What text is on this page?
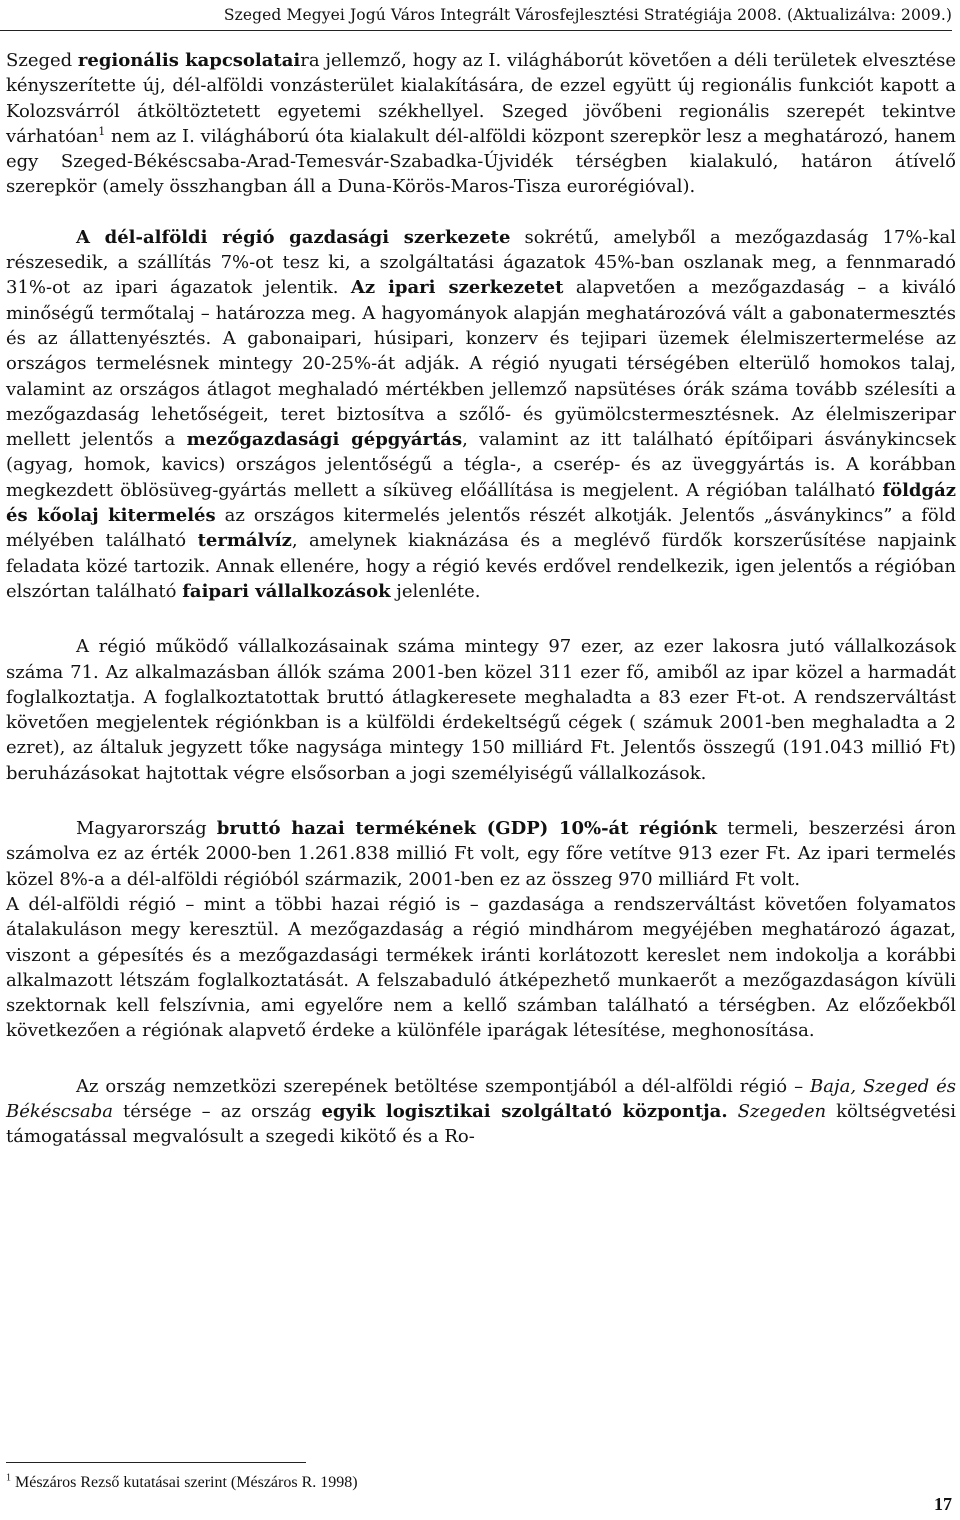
Szeged Megyei Jogú Város Integrált Városfejlesztési Stratégiája 2008. (Aktualizálva: 2009.)

Szeged regionális kapcsolataira jellemző, hogy az I. világháborút követően a déli területek elvesztése kényszerítette új, dél-alföldi vonzásterület kialakítására, de ezzel együtt új regionális funkciót kapott a Kolozsvárról átköltöztetett egyetemi székhellyel. Szeged jövőbeni regionális szerepét tekintve várhatóan$^1$ nem az I. világháború óta kialakult dél-alföldi központ szerepkör lesz a meghatározó, hanem egy Szeged-Békéscsaba-Arad-Temesvár-Szabadka-Újvidék térségben kialakuló, határon átívelő szerepkör (amely összhangban áll a Duna-Körös-Maros-Tisza eurorégióval).

A dél-alföldi régió gazdasági szerkezete sokrétű, amelyből a mezőgazdaság 17%-kal részesedik, a szállítás 7%-ot tesz ki, a szolgáltatási ágazatok 45%-ban oszlanak meg, a fennmaradó 31%-ot az ipari ágazatok jelentik. Az ipari szerkezetet alapvetően a mezőgazdaság – a kiváló minőségű termőtalaj – határozza meg. A hagyományok alapján meghatározóvá vált a gabonatermesztés és az állattenyésztés. A gabonaipari, húsipari, konzerv és tejipari üzemek élelmiszertermelése az országos termelésnek mintegy 20-25%-át adják. A régió nyugati térségében elterülő homokos talaj, valamint az országos átlagot meghaladó mértékben jellemző napsütéses órák száma tovább szélesíti a mezőgazdaság lehetőségeit, teret biztosítva a szőlő- és gyümölcstermesztésnek. Az élelmiszeripar mellett jelentős a mezőgazdasági gépgyártás, valamint az itt található építőipari ásványkincsek (agyag, homok, kavics) országos jelentőségű a tégla-, a cserép- és az üveggyártás is. A korábban megkezdett öblösüveg-gyártás mellett a síküveg előállítása is megjelent. A régióban található földgáz és kőolaj kitermelés az országos kitermelés jelentős részét alkotják. Jelentős „ásványkincs” a föld mélyében található termálvíz, amelynek kiaknázása és a meglévő fürdők korszerűsítése napjaink feladata közé tartozik. Annak ellenére, hogy a régió kevés erdővel rendelkezik, igen jelentős a régióban elszórtan található faipari vállalkozások jelenléte.

A régió működő vállalkozásainak száma mintegy 97 ezer, az ezer lakosra jutó vállalkozások száma 71. Az alkalmazásban állók száma 2001-ben közel 311 ezer fő, amiből az ipar közel a harmadát foglalkoztatja. A foglalkoztatottak bruttó átlagkeresete meghaladta a 83 ezer Ft-ot. A rendszerváltást követően megjelentek régiónkban is a külföldi érdekeltségű cégek ( számuk 2001-ben meghaladta a 2 ezret), az általuk jegyzett tőke nagysága mintegy 150 milliárd Ft. Jelentős összegű (191.043 millió Ft) beruházásokat hajtottak végre elsősorban a jogi személyiségű vállalkozások.

Magyarország bruttó hazai termékének (GDP) 10%-át régiónk termeli, beszerzési áron számolva ez az érték 2000-ben 1.261.838 millió Ft volt, egy főre vetítve 913 ezer Ft. Az ipari termelés közel 8%-a a dél-alföldi régióból származik, 2001-ben ez az összeg 970 milliárd Ft volt.

A dél-alföldi régió – mint a többi hazai régió is – gazdasága a rendszerváltást követően folyamatos átalakuláson megy keresztül. A mezőgazdaság a régió mindhárom megyéjében meghatározó ágazat, viszont a gépesítés és a mezőgazdasági termékek iránti korlátozott kereslet nem indokolja a korábbi alkalmazott létszám foglalkoztatását. A felszabaduló átképezhető munkaerőt a mezőgazdaságon kívüli szektornak kell felszívnia, ami egyelőre nem a kellő számban található a térségben. Az előzőekből következően a régiónak alapvető érdeke a különféle iparágak létesítése, meghonosítása.

Az ország nemzetközi szerepének betöltése szempontjából a dél-alföldi régió – Baja, Szeged és Békéscsaba térsége – az ország egyik logisztikai szolgáltató központja. Szegeden költségvetési támogatással megvalósult a szegedi kikötő és a Ro-

$^1$ Mészáros Rezső kutatásai szerint (Mészáros R. 1998)
17
